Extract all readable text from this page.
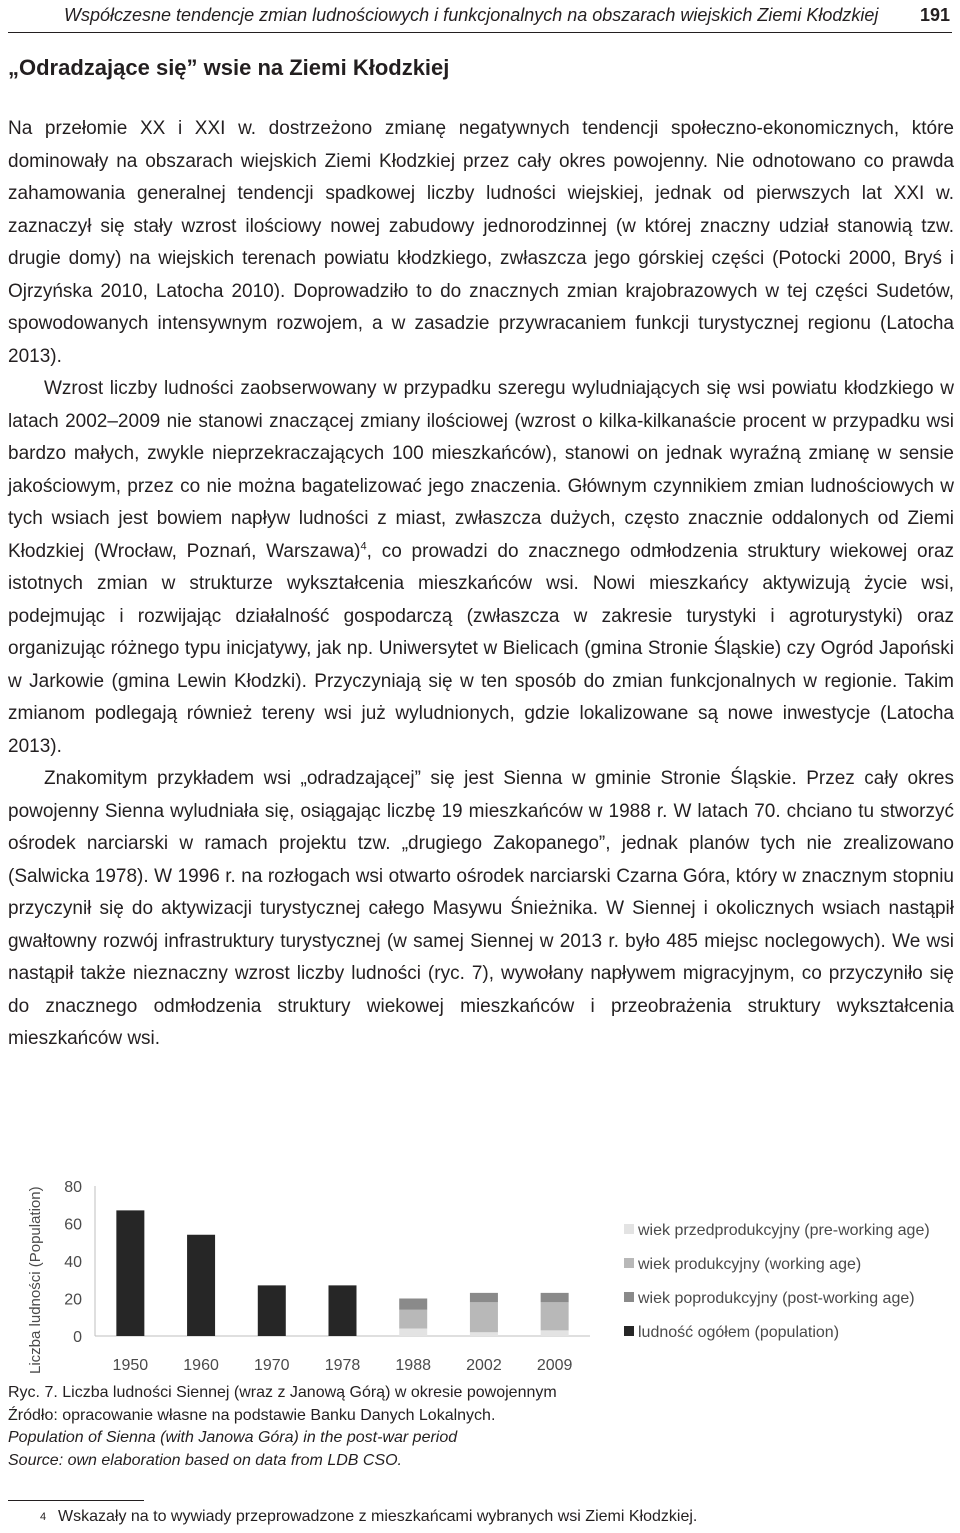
Współczesne tendencje zmian ludnościowych i funkcjonalnych na obszarach wiejskich Ziemi Kłodzkiej 191
„Odradzające się” wsie na Ziemi Kłodzkiej

Na przełomie XX i XXI w. dostrzeżono zmianę negatywnych tendencji społeczno-ekonomicznych, które dominowały na obszarach wiejskich Ziemi Kłodzkiej przez cały okres powojenny. Nie odnotowano co prawda zahamowania generalnej tendencji spadkowej liczby ludności wiejskiej, jednak od pierwszych lat XXI w. zaznaczył się stały wzrost ilościowy nowej zabudowy jednorodzinnej (w której znaczny udział stanowią tzw. drugie domy) na wiejskich terenach powiatu kłodzkiego, zwłaszcza jego górskiej części (Potocki 2000, Bryś i Ojrzyńska 2010, Latocha 2010). Doprowadziło to do znacznych zmian krajobrazowych w tej części Sudetów, spowodowanych intensywnym rozwojem, a w zasadzie przywracaniem funkcji turystycznej regionu (Latocha 2013).

Wzrost liczby ludności zaobserwowany w przypadku szeregu wyludniających się wsi powiatu kłodzkiego w latach 2002–2009 nie stanowi znaczącej zmiany ilościowej (wzrost o kilka-kilkanaście procent w przypadku wsi bardzo małych, zwykle nieprzekraczających 100 mieszkańców), stanowi on jednak wyraźną zmianę w sensie jakościowym, przez co nie można bagatelizować jego znaczenia. Głównym czynnikiem zmian ludnościowych w tych wsiach jest bowiem napływ ludności z miast, zwłaszcza dużych, często znacznie oddalonych od Ziemi Kłodzkiej (Wrocław, Poznań, Warszawa)$^4$, co prowadzi do znacznego odmłodzenia struktury wiekowej oraz istotnych zmian w strukturze wykształcenia mieszkańców wsi. Nowi mieszkańcy aktywizują życie wsi, podejmując i rozwijając działalność gospodarczą (zwłaszcza w zakresie turystyki i agroturystyki) oraz organizując różnego typu inicjatywy, jak np. Uniwersytet w Bielicach (gmina Stronie Śląskie) czy Ogród Japoński w Jarkowie (gmina Lewin Kłodzki). Przyczyniają się w ten sposób do zmian funkcjonalnych w regionie. Takim zmianom podlegają również tereny wsi już wyludnionych, gdzie lokalizowane są nowe inwestycje (Latocha 2013).

Znakomitym przykładem wsi „odradzającej” się jest Sienna w gminie Stronie Śląskie. Przez cały okres powojenny Sienna wyludniała się, osiągając liczbę 19 mieszkańców w 1988 r. W latach 70. chciano tu stworzyć ośrodek narciarski w ramach projektu tzw. „drugiego Zakopanego”, jednak planów tych nie zrealizowano (Salwicka 1978). W 1996 r. na rozłogach wsi otwarto ośrodek narciarski Czarna Góra, który w znacznym stopniu przyczynił się do aktywizacji turystycznej całego Masywu Śnieżnika. W Siennej i okolicznych wsiach nastąpił gwałtowny rozwój infrastruktury turystycznej (w samej Siennej w 2013 r. było 485 miejsc noclegowych). We wsi nastąpił także nieznaczny wzrost liczby ludności (ryc. 7), wywołany napływem migracyjnym, co przyczyniło się do znacznego odmłodzenia struktury wiekowej mieszkańców i przeobrażenia struktury wykształcenia mieszkańców wsi.

0
20
40
60
80
Liczba ludności (Population)	1950 1960 1970 1978 1988 2002 2009
wiek przedprodukcyjny (pre-working age)
wiek produkcyjny (working age)
wiek poprodukcyjny (post-working age)
ludność ogółem (population)
Ryc. 7. Liczba ludności Siennej (wraz z Janową Górą) w okresie powojennym
Źródło: opracowanie własne na podstawie Banku Danych Lokalnych.
Population of Sienna (with Janowa Góra) in the post-war period
Source: own elaboration based on data from LDB CSO.
4 Wskazały na to wywiady przeprowadzone z mieszkańcami wybranych wsi Ziemi Kłodzkiej.
